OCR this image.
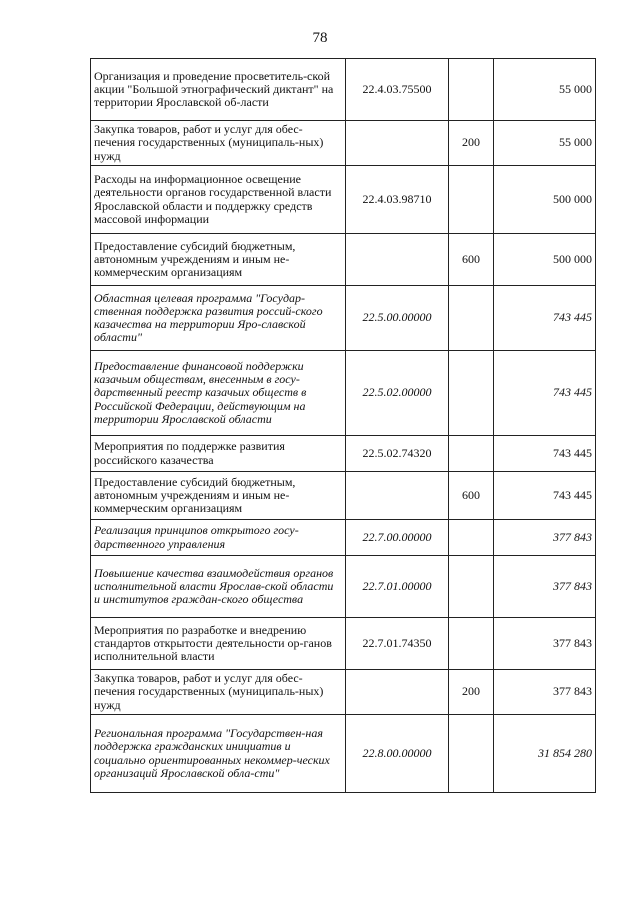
78
Организация и проведение просветитель-ской акции "Большой этнографический диктант" на территории Ярославской об-ласти	22.4.03.75500		55 000
Закупка товаров, работ и услуг для обес-печения государственных (муниципаль-ных) нужд		200	55 000
Расходы на информационное освещение деятельности органов государственной власти Ярославской области и поддержку средств массовой информации	22.4.03.98710		500 000
Предоставление субсидий бюджетным, автономным учреждениям и иным не-коммерческим организациям		600	500 000
Областная целевая программа "Государ-ственная поддержка развития россий-ского казачества на территории Яро-славской области"	22.5.00.00000		743 445
Предоставление финансовой поддержки казачьим обществам, внесенным в госу-дарственный реестр казачьих обществ в Российской Федерации, действующим на территории Ярославской области	22.5.02.00000		743 445
Мероприятия по поддержке развития российского казачества	22.5.02.74320		743 445
Предоставление субсидий бюджетным, автономным учреждениям и иным не-коммерческим организациям		600	743 445
Реализация принципов открытого госу-дарственного управления	22.7.00.00000		377 843
Повышение качества взаимодействия органов исполнительной власти Ярослав-ской области и институтов граждан-ского общества	22.7.01.00000		377 843
Мероприятия по разработке и внедрению стандартов открытости деятельности ор-ганов исполнительной власти	22.7.01.74350		377 843
Закупка товаров, работ и услуг для обес-печения государственных (муниципаль-ных) нужд		200	377 843
Региональная программа "Государствен-ная поддержка гражданских инициатив и социально ориентированных некоммер-ческих организаций Ярославской обла-сти"	22.8.00.00000		31 854 280
